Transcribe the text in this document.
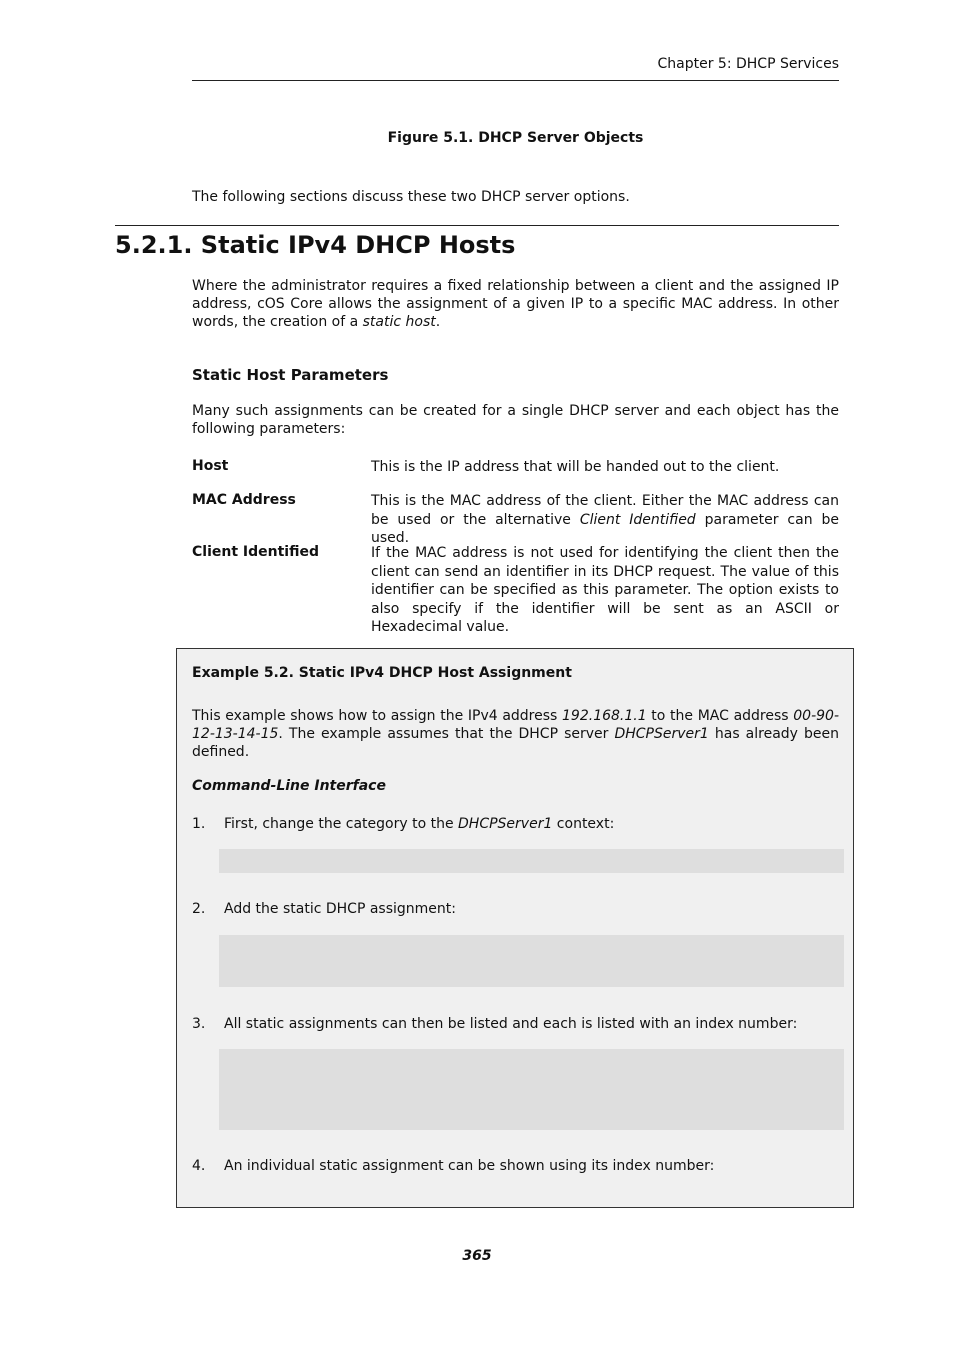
Chapter 5: DHCP Services
Figure 5.1. DHCP Server Objects
The following sections discuss these two DHCP server options.
5.2.1. Static IPv4 DHCP Hosts
Where the administrator requires a fixed relationship between a client and the assigned IP address, cOS Core allows the assignment of a given IP to a specific MAC address. In other words, the creation of a static host.
Static Host Parameters
Many such assignments can be created for a single DHCP server and each object has the following parameters:
Host	This is the IP address that will be handed out to the client.
MAC Address	This is the MAC address of the client. Either the MAC address can be used or the alternative Client Identified parameter can be used.
Client Identified	If the MAC address is not used for identifying the client then the client can send an identifier in its DHCP request. The value of this identifier can be specified as this parameter. The option exists to also specify if the identifier will be sent as an ASCII or Hexadecimal value.
Example 5.2. Static IPv4 DHCP Host Assignment
This example shows how to assign the IPv4 address 192.168.1.1 to the MAC address 00-90-12-13-14-15. The example assumes that the DHCP server DHCPServer1 has already been defined.
Command-Line Interface
1. First, change the category to the DHCPServer1 context:
2. Add the static DHCP assignment:
3. All static assignments can then be listed and each is listed with an index number:
4. An individual static assignment can be shown using its index number:
365
